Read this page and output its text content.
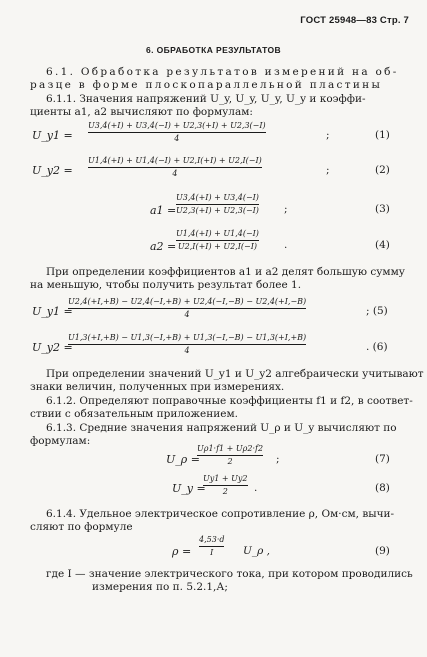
ГОСТ 25948—83 Стр. 7
6. ОБРАБОТКА РЕЗУЛЬТАТОВ
6.1. Обработка результатов измерений на об-
разце в форме плоскопараллельной пластины
6.1.1. Значения напряжений U_y, U_y, U_y, U_y и коэффи-
циенты a1, a2 вычисляют по формулам:
U_y1 =
U3,4(+I) + U3,4(−I) + U2,3(+I) + U2,3(−I)
4	;	(1)
U_y2 =
U1,4(+I) + U1,4(−I) + U2,I(+I) + U2,I(−I)
4	;	(2)
a1 =
U3,4(+I) + U3,4(−I)
U2,3(+I) + U2,3(−I) ;	(3)
a2 =
U1,4(+I) + U1,4(−I)
U2,I(+I) + U2,I(−I)	.	(4)
При определении коэффициентов a1 и a2 делят большую сумму
на меньшую, чтобы получить результат более 1.
U_y1 =
U2,4(+I,+B) − U2,4(−I,+B) + U2,4(−I,−B) − U2,4(+I,−B)
4	; (5)
U_y2 =
U1,3(+I,+B) − U1,3(−I,+B) + U1,3(−I,−B) − U1,3(+I,+B)
4	. (6)
При определении значений U_y1 и U_y2 алгебраически учитывают
знаки величин, полученных при измерениях.
6.1.2. Определяют поправочные коэффициенты f1 и f2, в соответ-
ствии с обязательным приложением.
6.1.3. Средние значения напряжений U_ρ и U_y вычисляют по
формулам:
U_ρ =
Uρ1·f1 + Uρ2·f2
2	;	(7)
U_y =
Uy1 + Uy2
2 .	(8)
6.1.4. Удельное электрическое сопротивление ρ, Ом·см, вычи-
сляют по формуле
ρ =
4,53·d
I	U_ρ ,	(9)
где I — значение электрического тока, при котором проводились
измерения по п. 5.2.1,А;
